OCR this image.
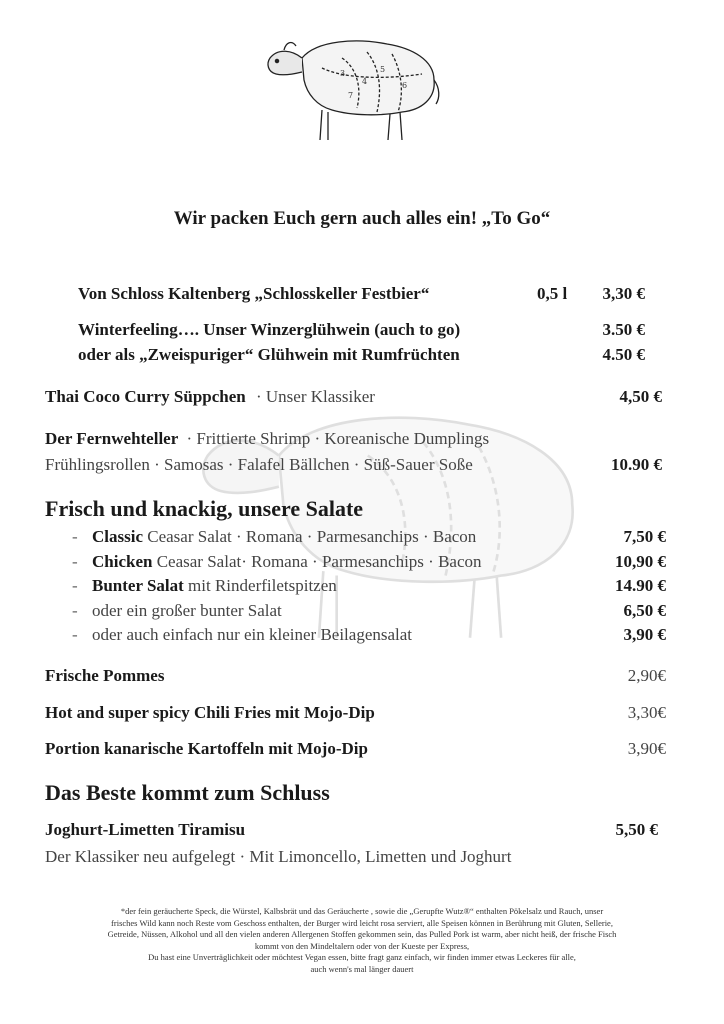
3
4
5
6
7
Wir packen Euch gern auch alles ein! „To Go“
Von Schloss Kaltenberg „Schlosskeller Festbier“	0,5 l 3,30 €
Winterfeeling…. Unser Winzerglühwein (auch to go)	3.50 €
oder als „Zweispuriger“ Glühwein mit Rumfrüchten	4.50 €
Thai Coco Curry Süppchen · Unser Klassiker	4,50 €
Der Fernwehteller · Frittierte Shrimp · Koreanische Dumplings
Frühlingsrollen · Samosas · Falafel Bällchen · Süß-Sauer Soße	10.90 €
Frisch und knackig, unsere Salate
- Classic Ceasar Salat · Romana · Parmesanchips · Bacon	7,50 €
- Chicken Ceasar Salat· Romana · Parmesanchips · Bacon	10,90 €
- Bunter Salat mit Rinderfiletspitzen	14.90 €
- oder ein großer bunter Salat	6,50 €
- oder auch einfach nur ein kleiner Beilagensalat	3,90 €
Frische Pommes	2,90€
Hot and super spicy Chili Fries mit Mojo-Dip	3,30€
Portion kanarische Kartoffeln mit Mojo-Dip	3,90€
Das Beste kommt zum Schluss
Joghurt-Limetten Tiramisu	5,50 €
Der Klassiker neu aufgelegt · Mit Limoncello, Limetten und Joghurt
*der fein geräucherte Speck, die Würstel, Kalbsbrät und das Geräucherte , sowie die „Gerupfte Wutz®“ enthalten Pökelsalz und Rauch, unser
frisches Wild kann noch Reste vom Geschoss enthalten, der Burger wird leicht rosa serviert, alle Speisen können in Berührung mit Gluten, Sellerie,
Getreide, Nüssen, Alkohol und all den vielen anderen Allergenen Stoffen gekommen sein, das Pulled Pork ist warm, aber nicht heiß, der frische Fisch
kommt von den Mindeltalern oder von der Kueste per Express,
Du hast eine Unverträglichkeit oder möchtest Vegan essen, bitte fragt ganz einfach, wir finden immer etwas Leckeres für alle,
auch wenn's mal länger dauert
